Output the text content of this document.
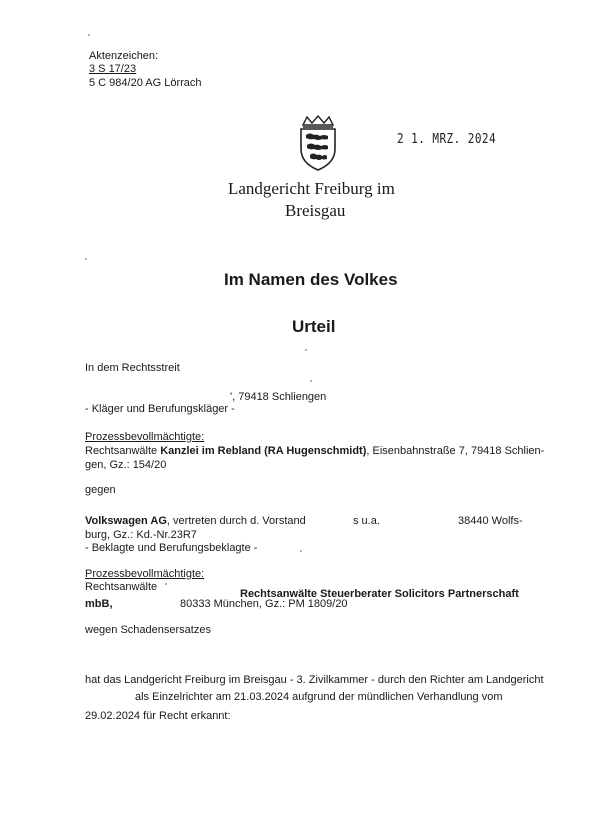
Aktenzeichen:
3 S 17/23
5 C 984/20 AG Lörrach
2 1. MRZ. 2024
Landgericht Freiburg im
Breisgau
Im Namen des Volkes
Urteil
In dem Rechtsstreit
', 79418 Schliengen
- Kläger und Berufungskläger -
Prozessbevollmächtigte:
Rechtsanwälte Kanzlei im Rebland (RA Hugenschmidt), Eisenbahnstraße 7, 79418 Schlien-
gen, Gz.: 154/20
gegen
Volkswagen AG, vertreten durch d. Vorstand	s u.a.	38440 Wolfs-
burg, Gz.: Kd.-Nr.23R7
- Beklagte und Berufungsbeklagte -
Prozessbevollmächtigte:
Rechtsanwälte
Rechtsanwälte Steuerberater Solicitors Partnerschaft
mbB,	80333 München, Gz.: PM 1809/20
wegen Schadensersatzes
hat das Landgericht Freiburg im Breisgau - 3. Zivilkammer - durch den Richter am Landgericht
als Einzelrichter am 21.03.2024 aufgrund der mündlichen Verhandlung vom
29.02.2024 für Recht erkannt:
